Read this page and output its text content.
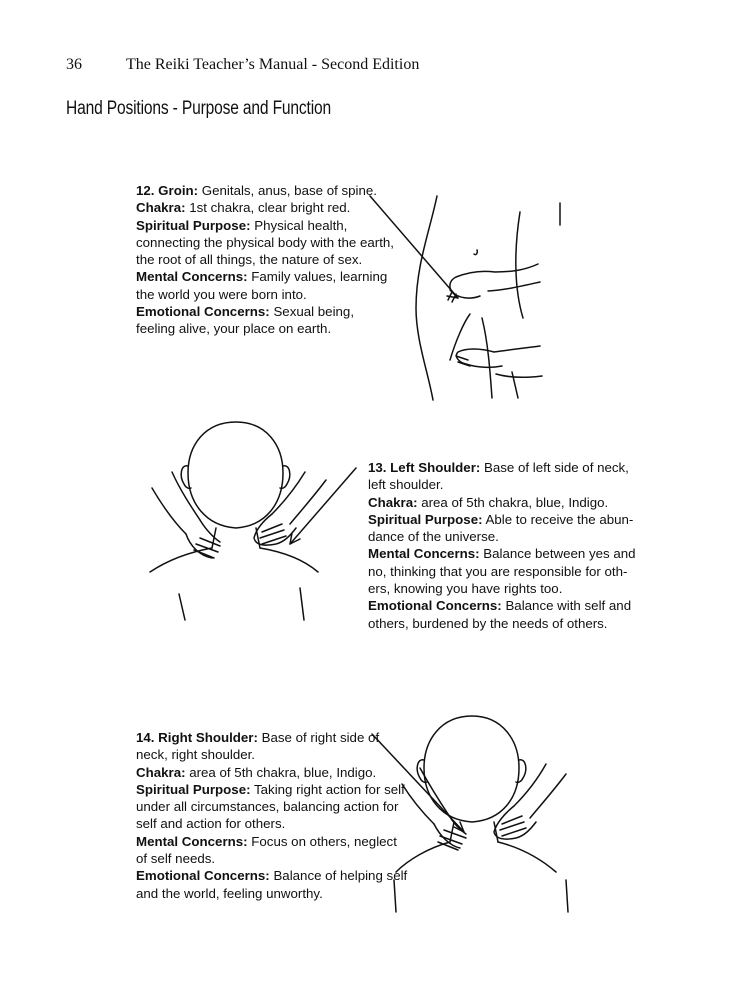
36	The Reiki Teacher’s Manual - Second Edition
Hand Positions - Purpose and Function
12. Groin: Genitals, anus, base of spine.
Chakra: 1st chakra, clear bright red.
Spiritual Purpose: Physical health,
connecting the physical body with the earth,
the root of all things, the nature of sex.
Mental Concerns: Family values, learning
the world you were born into.
Emotional Concerns: Sexual being,
feeling alive, your place on earth.
13. Left Shoulder: Base of left side of neck,
left shoulder.
Chakra: area of 5th chakra, blue, Indigo.
Spiritual Purpose: Able to receive the abun-
dance of the universe.
Mental Concerns: Balance between yes and
no, thinking that you are responsible for oth-
ers, knowing you have rights too.
Emotional Concerns: Balance with self and
others, burdened by the needs of others.
14. Right Shoulder: Base of right side of
neck, right shoulder.
Chakra: area of 5th chakra, blue, Indigo.
Spiritual Purpose: Taking right action for self
under all circumstances, balancing action for
self and action for others.
Mental Concerns: Focus on others, neglect
of self needs.
Emotional Concerns: Balance of helping self
and the world, feeling unworthy.
